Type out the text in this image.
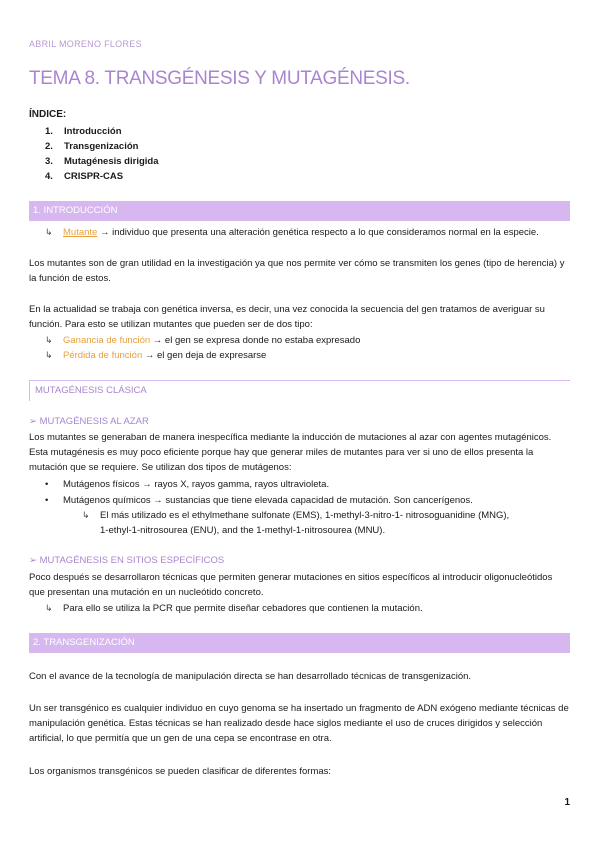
ABRIL MORENO FLORES
TEMA 8. TRANSGÉNESIS Y MUTAGÉNESIS.
ÍNDICE:
1. Introducción
2. Transgenización
3. Mutagénesis dirigida
4. CRISPR-CAS
1. INTRODUCCIÓN
↳ Mutante → individuo que presenta una alteración genética respecto a lo que consideramos normal en la especie.
Los mutantes son de gran utilidad en la investigación ya que nos permite ver cómo se transmiten los genes (tipo de herencia) y la función de estos.
En la actualidad se trabaja con genética inversa, es decir, una vez conocida la secuencia del gen tratamos de averiguar su función. Para esto se utilizan mutantes que pueden ser de dos tipo:
↳ Ganancia de función → el gen se expresa donde no estaba expresado
↳ Pérdida de función → el gen deja de expresarse
MUTAGÉNESIS CLÁSICA
➢ MUTAGÉNESIS AL AZAR
Los mutantes se generaban de manera inespecífica mediante la inducción de mutaciones al azar con agentes mutagénicos. Esta mutagénesis es muy poco eficiente porque hay que generar miles de mutantes para ver si uno de ellos presenta la mutación que se requiere. Se utilizan dos tipos de mutágenos:
• Mutágenos físicos → rayos X, rayos gamma, rayos ultravioleta.
• Mutágenos químicos → sustancias que tiene elevada capacidad de mutación. Son cancerígenos.
↳ El más utilizado es el ethylmethane sulfonate (EMS), 1-methyl-3-nitro-1- nitrosoguanidine (MNG),
1-ethyl-1-nitrosourea (ENU), and the 1-methyl-1-nitrosourea (MNU).
➢ MUTAGÉNESIS EN SITIOS ESPECÍFICOS
Poco después se desarrollaron técnicas que permiten generar mutaciones en sitios específicos al introducir oligonucleótidos que presentan una mutación en un nucleótido concreto.
↳ Para ello se utiliza la PCR que permite diseñar cebadores que contienen la mutación.
2. TRANSGENIZACIÓN
Con el avance de la tecnología de manipulación directa se han desarrollado técnicas de transgenización.
Un ser transgénico es cualquier individuo en cuyo genoma se ha insertado un fragmento de ADN exógeno mediante técnicas de manipulación genética. Estas técnicas se han realizado desde hace siglos mediante el uso de cruces dirigidos y selección artificial, lo que permitía que un gen de una cepa se encontrase en otra.
Los organismos transgénicos se pueden clasificar de diferentes formas:
1
